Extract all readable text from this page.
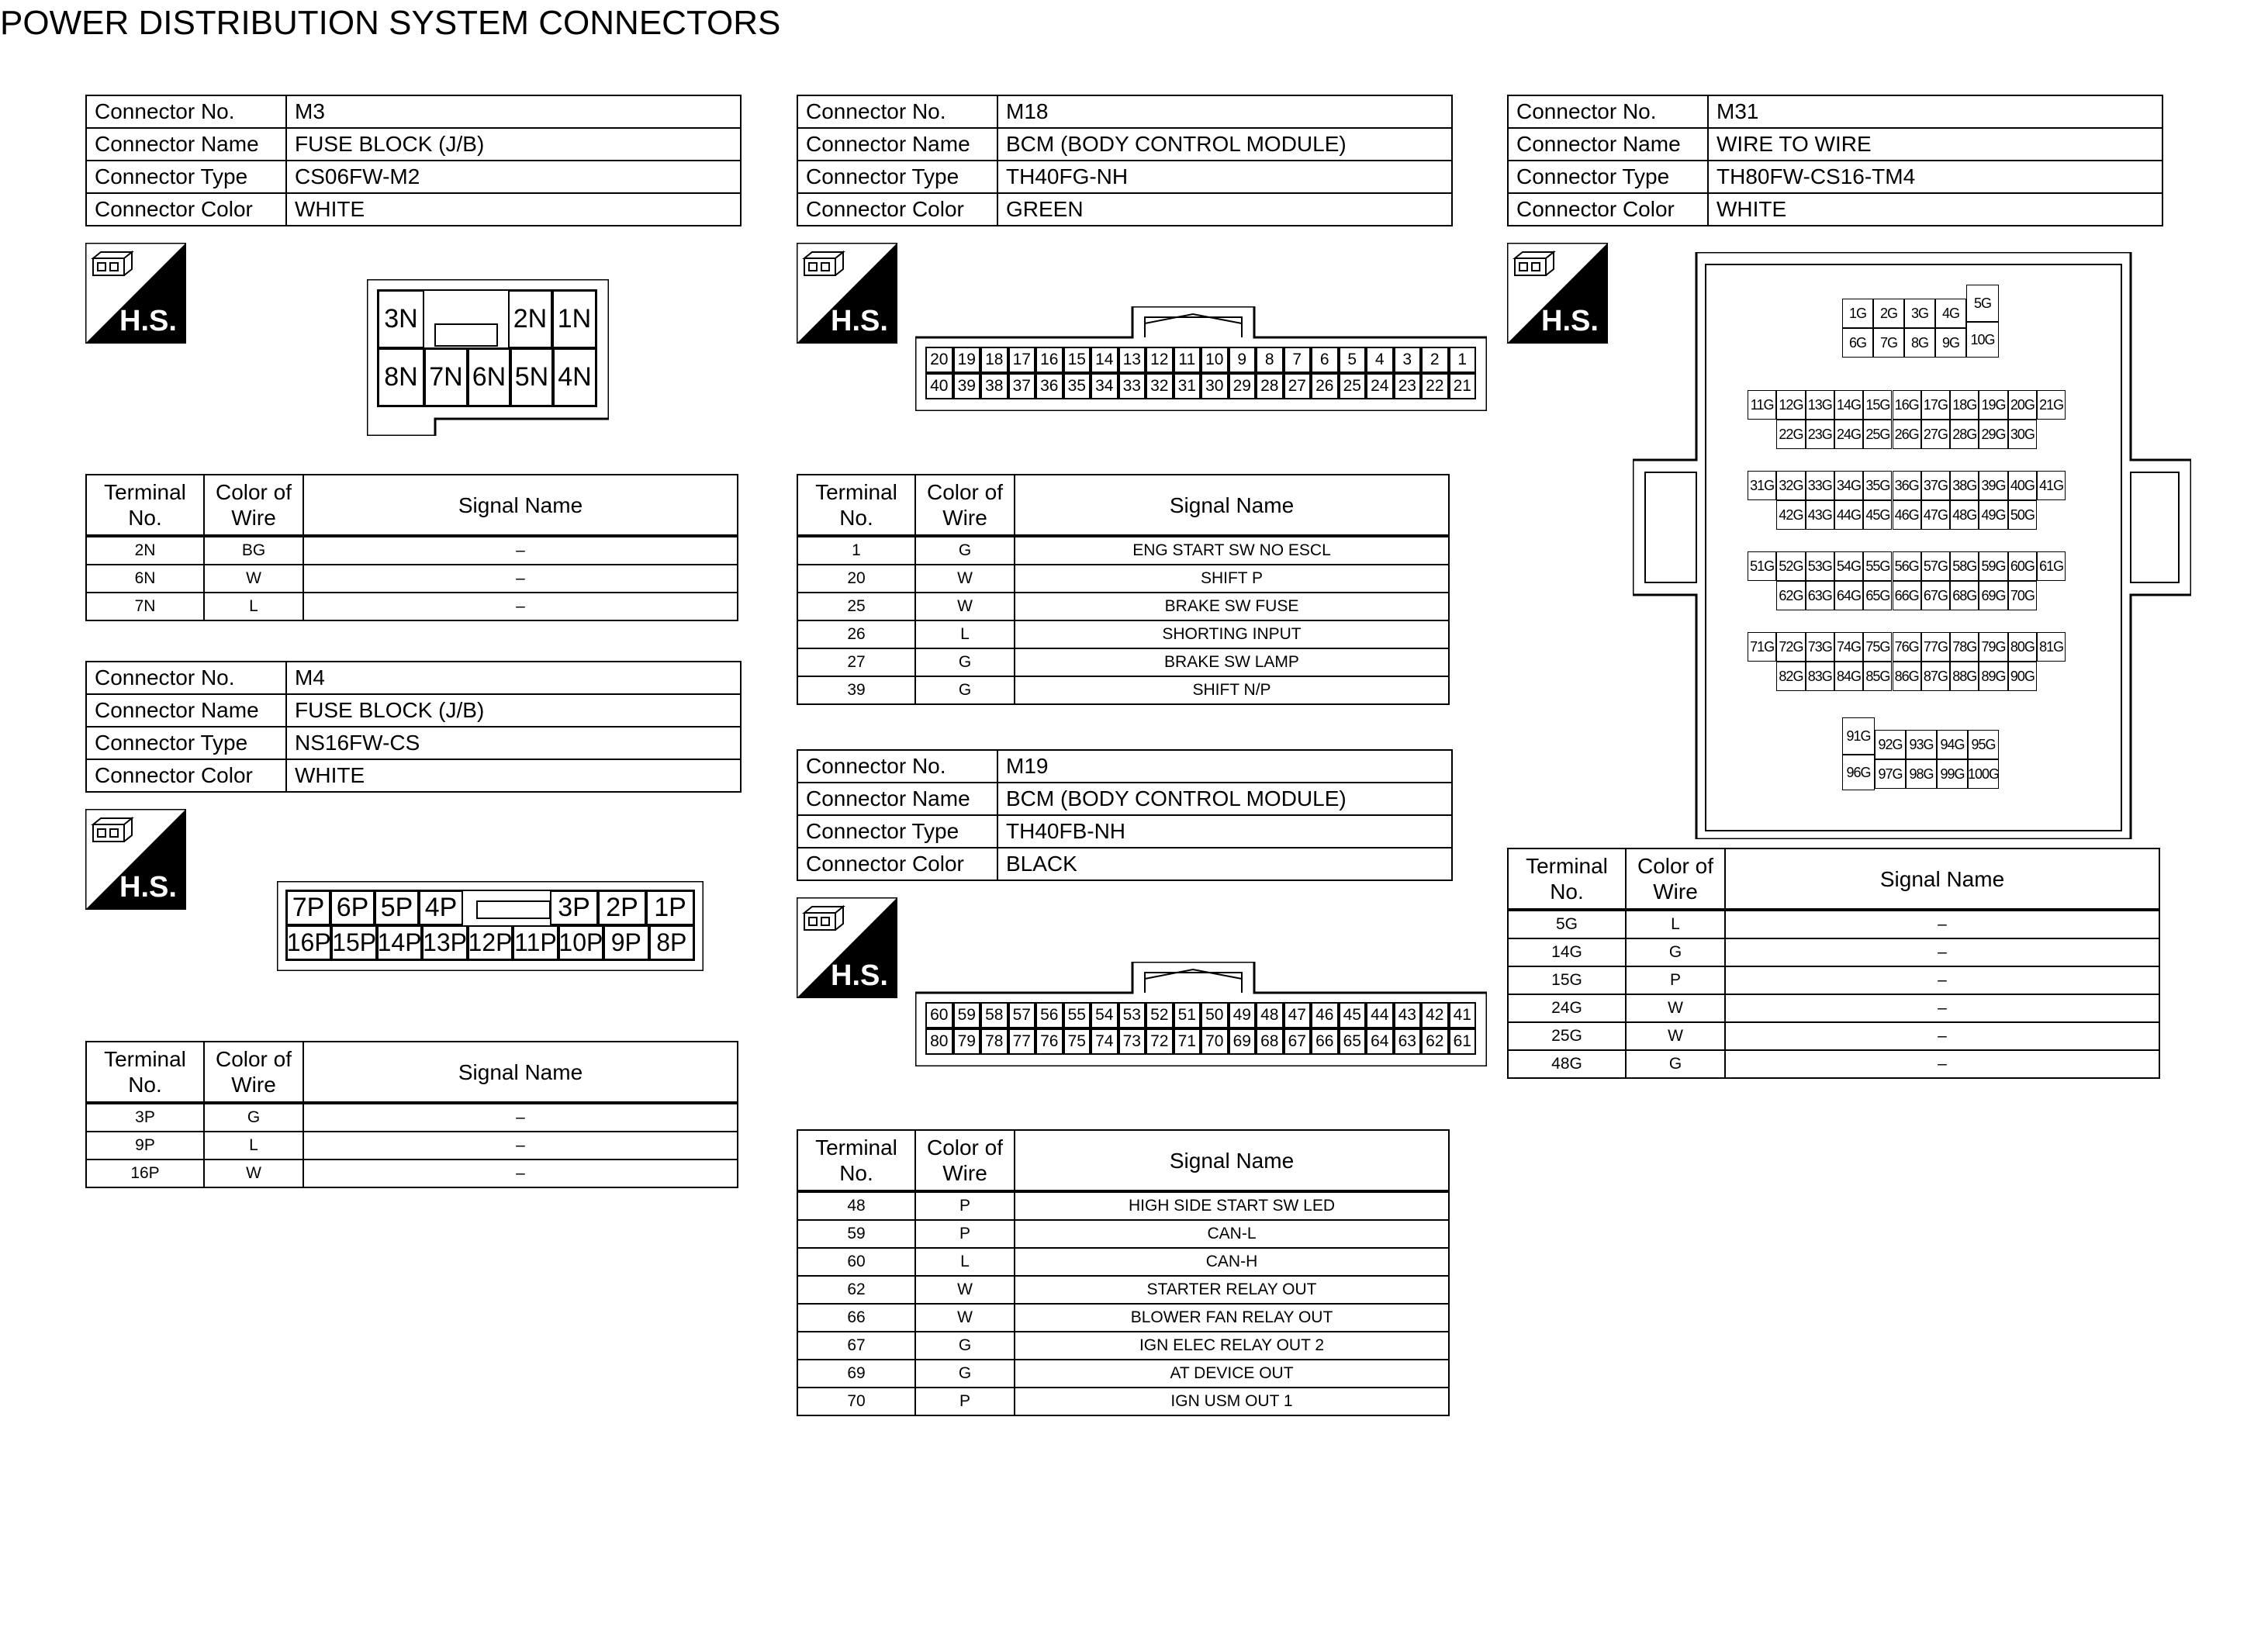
POWER DISTRIBUTION SYSTEM CONNECTORS
Connector No.	M3
Connector Name	FUSE BLOCK (J/B)
Connector Type	CS06FW-M2
Connector Color	WHITE
H.S.	3N
8N
2N 1N
7N 6N 5N 4N
Terminal No.	Color of Wire	Signal Name
2N	BG	–
6N	W	–
7N	L	–
Connector No.	M4
Connector Name	FUSE BLOCK (J/B)
Connector Type	NS16FW-CS
Connector Color	WHITE
H.S.
7P 6P 5P 4P	3P 2P 1P
16P 15P 14P 13P 12P 11P 10P 9P 8P
Terminal No.	Color of Wire	Signal Name
3P	G	–
9P	L	–
16P	W	–
Connector No.	M18
Connector Name	BCM (BODY CONTROL MODULE)
Connector Type	TH40FG-NH
Connector Color	GREEN
H.S.
20
40
19
39
18
38
17
37
16
36
15
35
14
34
13
33
12
32
11
31
10
30
9
29
8
28
7
27
6
26
5
25
4
24
3
23
2
22
1
21
Terminal No.	Color of Wire	Signal Name
1	G	ENG START SW NO ESCL
20	W	SHIFT P
25	W	BRAKE SW FUSE
26	L	SHORTING INPUT
27	G	BRAKE SW LAMP
39	G	SHIFT N/P
Connector No.	M19
Connector Name	BCM (BODY CONTROL MODULE)
Connector Type	TH40FB-NH
Connector Color	BLACK
H.S.
60
80
59
79
58
78
57
77
56
76
55
75
54
74
53
73
52
72
51
71
50
70
49
69
48
68
47
67
46
66
45
65
44
64
43
63
42
62
41
61
Terminal No.	Color of Wire	Signal Name
48	P	HIGH SIDE START SW LED
59	P	CAN-L
60	L	CAN-H
62	W	STARTER RELAY OUT
66	W	BLOWER FAN RELAY OUT
67	G	IGN ELEC RELAY OUT 2
69	G	AT DEVICE OUT
70	P	IGN USM OUT 1
Connector No.	M31
Connector Name	WIRE TO WIRE
Connector Type	TH80FW-CS16-TM4
Connector Color	WHITE
H.S.	1G 2G 3G 4G
5G
6G 7G 8G 9G 10G
11G 12G 13G 14G 15G 16G 17G 18G 19G 20G 21G
22G 23G 24G 25G 26G 27G 28G 29G 30G
31G 32G 33G 34G 35G 36G 37G 38G 39G 40G 41G
42G 43G 44G 45G 46G 47G 48G 49G 50G
51G 52G 53G 54G 55G 56G 57G 58G 59G 60G 61G
62G 63G 64G 65G 66G 67G 68G 69G 70G
71G 72G 73G 74G 75G 76G 77G 78G 79G 80G 81G
82G 83G 84G 85G 86G 87G 88G 89G 90G
91G
92G 93G 94G 95G
96G 97G 98G 99G 100G
Terminal No.	Color of Wire	Signal Name
5G	L	–
14G	G	–
15G	P	–
24G	W	–
25G	W	–
48G	G	–
